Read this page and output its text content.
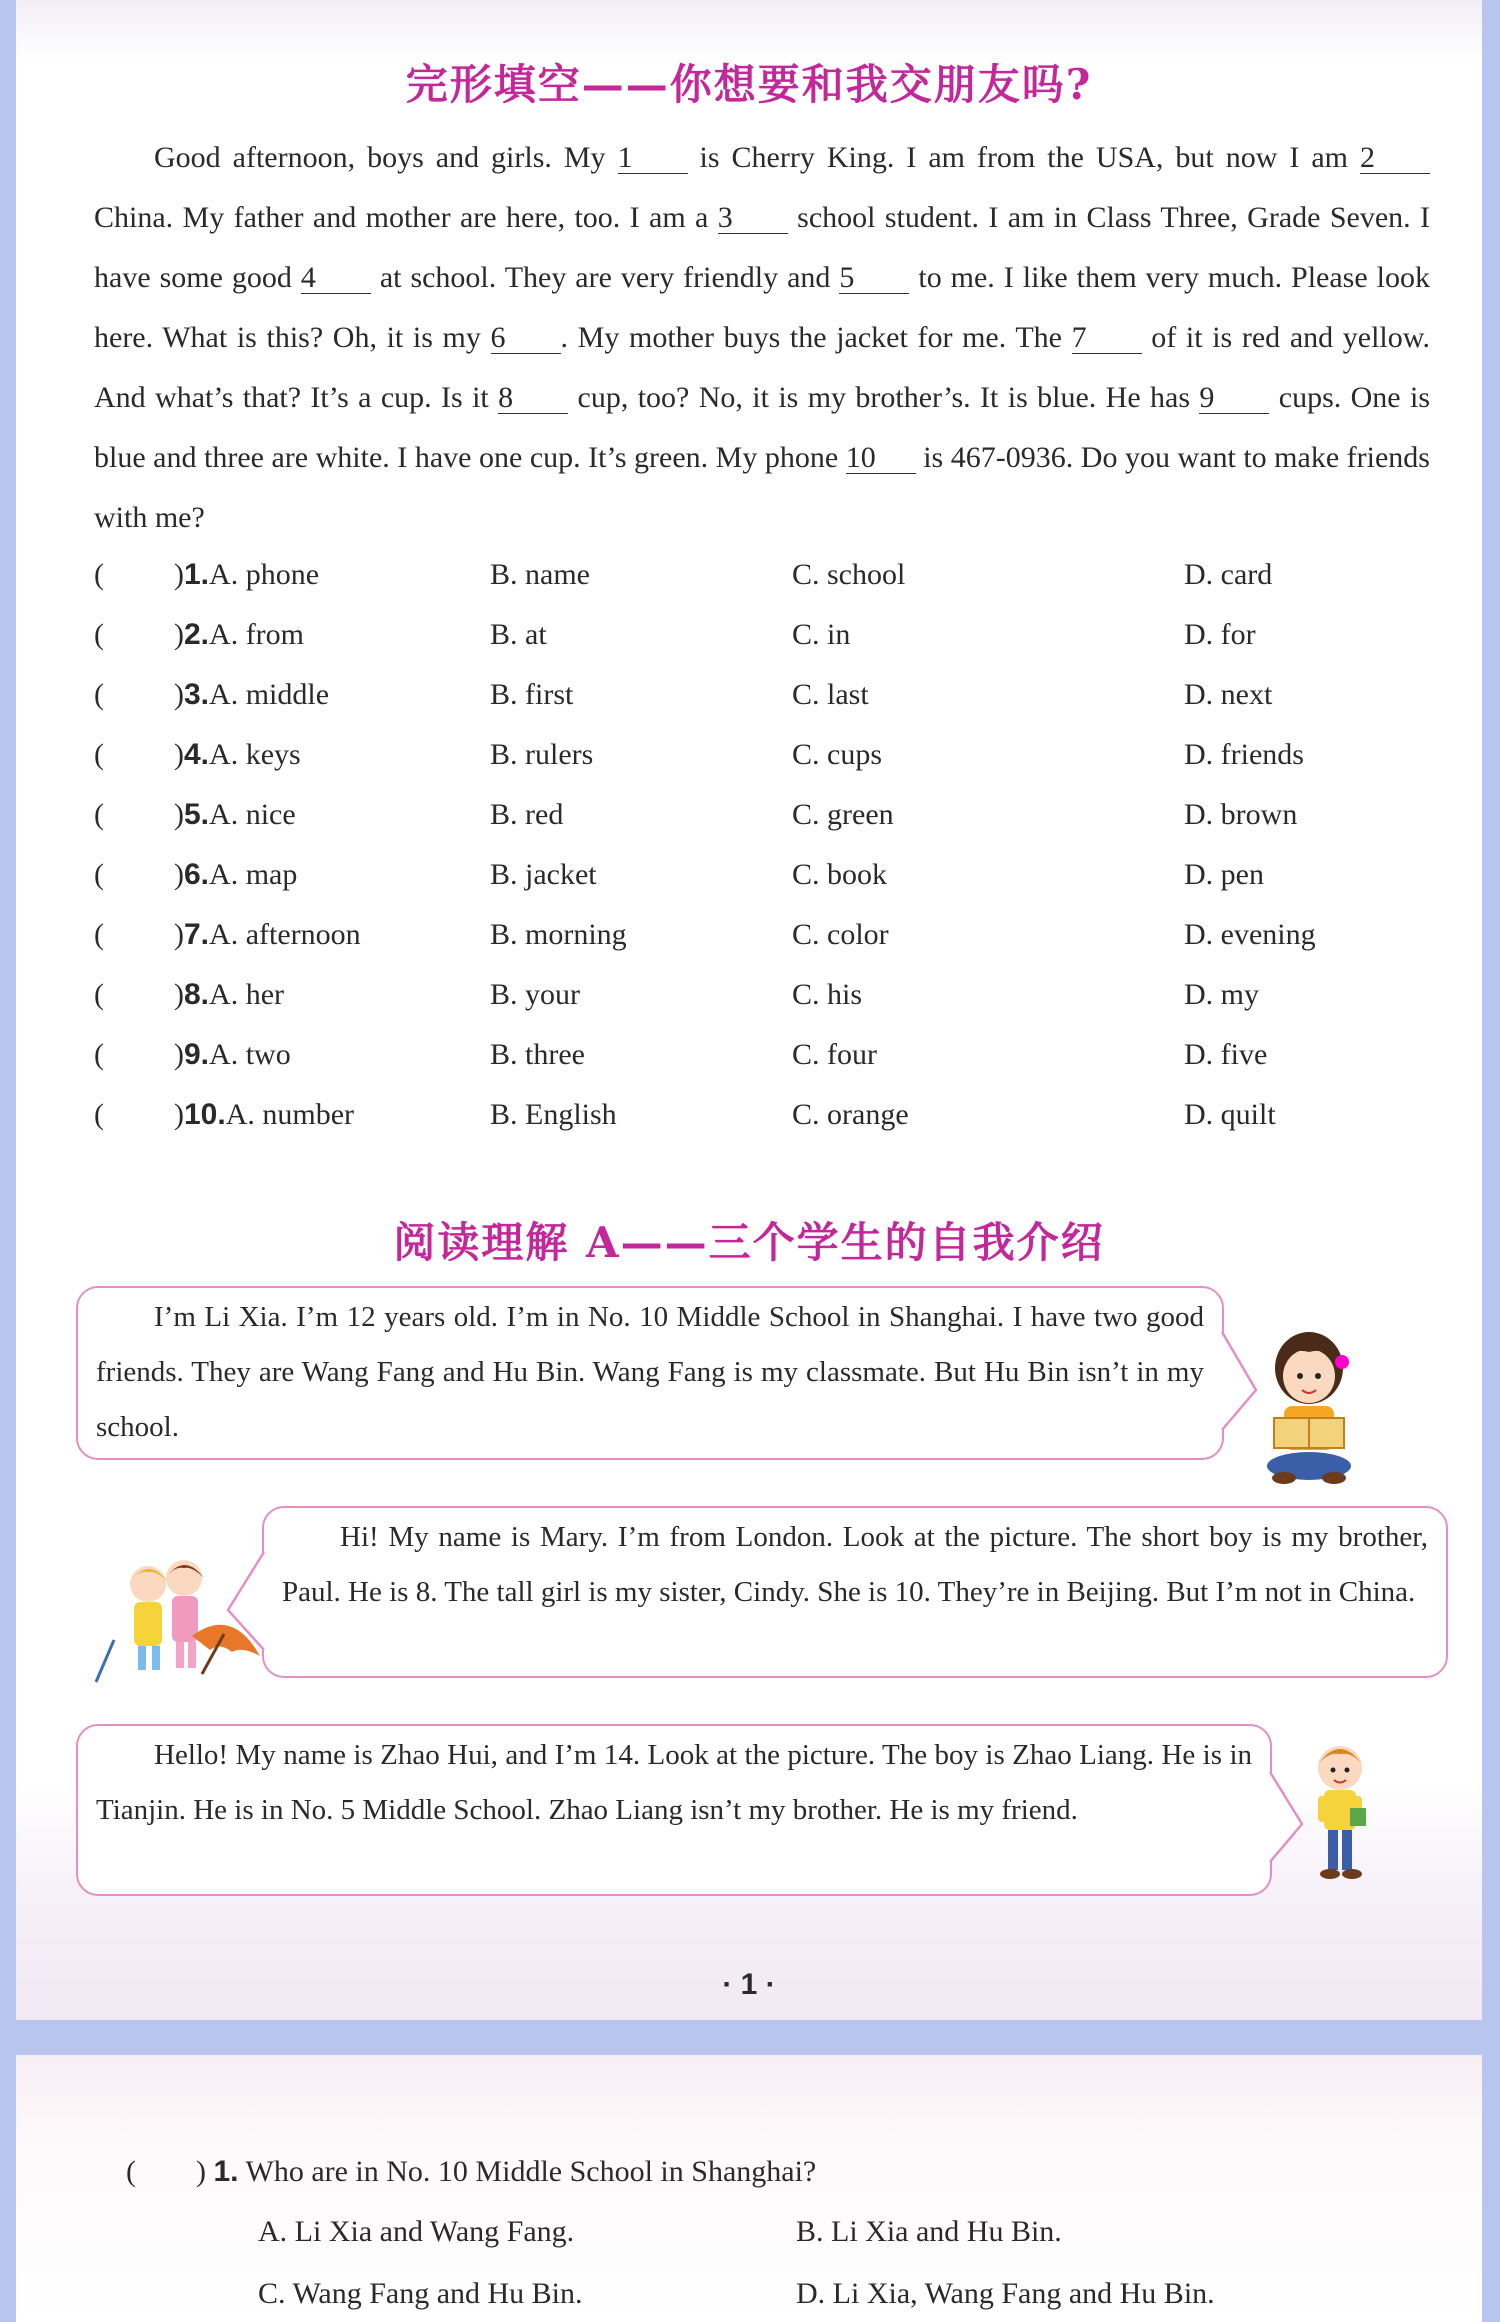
完形填空——你想要和我交朋友吗?
Good afternoon, boys and girls. My 1 is Cherry King. I am from the USA, but now I am 2 China. My father and mother are here, too. I am a 3 school student. I am in Class Three, Grade Seven. I have some good 4 at school. They are very friendly and 5 to me. I like them very much. Please look here. What is this? Oh, it is my 6 . My mother buys the jacket for me. The 7 of it is red and yellow. And what’s that? It’s a cup. Is it 8 cup, too? No, it is my brother’s. It is blue. He has 9 cups. One is blue and three are white. I have one cup. It’s green. My phone 10 is 467-0936. Do you want to make friends with me?
( )1.A. phone	B. name	C. school	D. card
( )2.A. from	B. at	C. in	D. for
( )3.A. middle	B. first	C. last	D. next
( )4.A. keys	B. rulers	C. cups	D. friends
( )5.A. nice	B. red	C. green	D. brown
( )6.A. map	B. jacket	C. book	D. pen
( )7.A. afternoon	B. morning	C. color	D. evening
( )8.A. her	B. your	C. his	D. my
( )9.A. two	B. three	C. four	D. five
( )10.A. number	B. English	C. orange	D. quilt
阅读理解 A——三个学生的自我介绍

I’m Li Xia. I’m 12 years old. I’m in No. 10 Middle School in Shanghai. I have two good friends. They are Wang Fang and Hu Bin. Wang Fang is my classmate. But Hu Bin isn’t in my school.

Hi! My name is Mary. I’m from London. Look at the picture. The short boy is my brother, Paul. He is 8. The tall girl is my sister, Cindy. She is 10. They’re in Beijing. But I’m not in China.

Hello! My name is Zhao Hui, and I’m 14. Look at the picture. The boy is Zhao Liang. He is in Tianjin. He is in No. 5 Middle School. Zhao Liang isn’t my brother. He is my friend.

· 1 ·
( ) 1. Who are in No. 10 Middle School in Shanghai?
A. Li Xia and Wang Fang.	B. Li Xia and Hu Bin.
C. Wang Fang and Hu Bin.	D. Li Xia, Wang Fang and Hu Bin.
